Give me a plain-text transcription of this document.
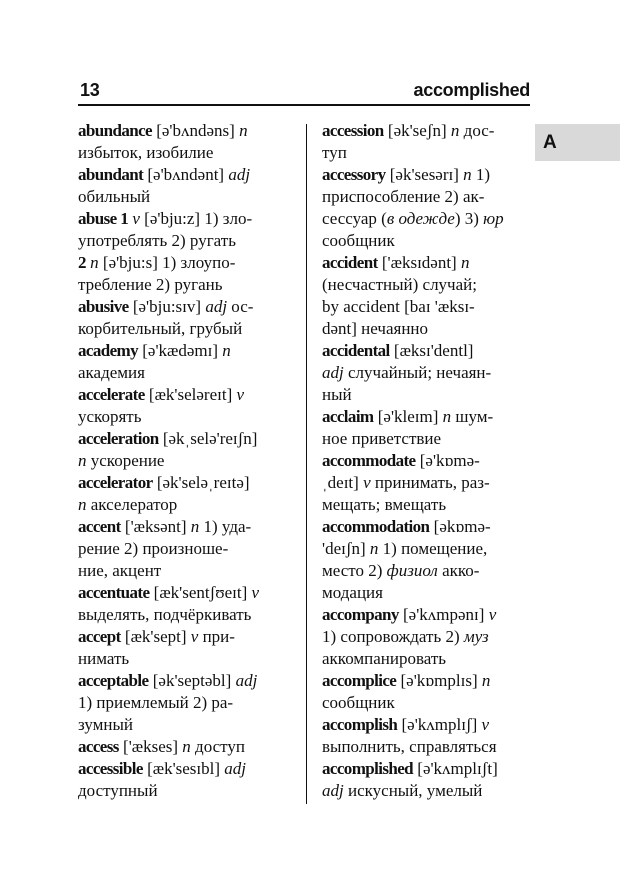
13	accomplished
A
abundance [ə'bʌndəns] n
избыток, изобилие
abundant [ə'bʌndənt] adj
обильный
abuse 1 v [ə'bju:z] 1) зло-
употреблять 2) ругать
2 n [ə'bju:s] 1) злоупо-
требление 2) ругань
abusive [ə'bju:sɪv] adj ос-
корбительный, грубый
academy [ə'kædəmɪ] n
академия
accelerate [æk'seləreɪt] v
ускорять
acceleration [əkˌselə'reɪʃn]
n ускорение
accelerator [ək'seləˌreɪtə]
n акселератор
accent ['æksənt] n 1) уда-
рение 2) произноше-
ние, акцент
accentuate [æk'sentʃʊeɪt] v
выделять, подчёркивать
accept [æk'sept] v при-
нимать
acceptable [ək'septəbl] adj
1) приемлемый 2) ра-
зумный
access ['ækses] n доступ
accessible [æk'sesɪbl] adj
доступный
accession [ək'seʃn] n дос-
туп
accessory [ək'sesərɪ] n 1)
приспособление 2) ак-
сессуар (в одежде) 3) юр
сообщник
accident ['æksɪdənt] n
(несчастный) случай;
by accident [baɪ 'æksɪ-
dənt] нечаянно
accidental [æksɪ'dentl]
adj случайный; нечаян-
ный
acclaim [ə'kleɪm] n шум-
ное приветствие
accommodate [ə'kɒmə-
ˌdeɪt] v принимать, раз-
мещать; вмещать
accommodation [əkɒmə-
'deɪʃn] n 1) помещение,
место 2) физиол акко-
модация
accompany [ə'kʌmpənɪ] v
1) сопровождать 2) муз
аккомпанировать
accomplice [ə'kɒmplɪs] n
сообщник
accomplish [ə'kʌmplɪʃ] v
выполнить, справляться
accomplished [ə'kʌmplɪʃt]
adj искусный, умелый
